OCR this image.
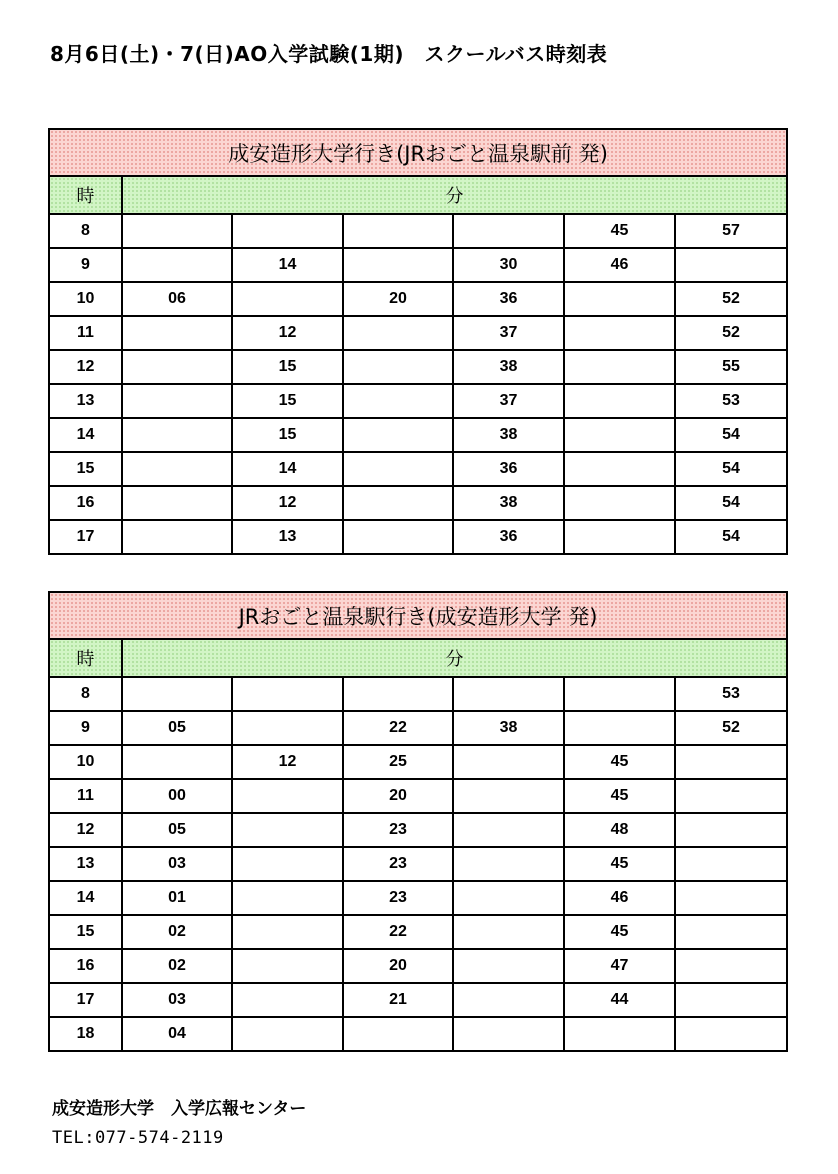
8月6日(土)・7(日)AO入学試験(1期)　スクールバス時刻表
成安造形大学行き(JRおごと温泉駅前 発)						
時	分					
8					45	57
9		14		30	46	
10	06		20	36		52
11		12		37		52
12		15		38		55
13		15		37		53
14		15		38		54
15		14		36		54
16		12		38		54
17		13		36		54
JRおごと温泉駅行き(成安造形大学 発)						
時	分					
8						53
9	05		22	38		52
10		12	25		45	
11	00		20		45	
12	05		23		48	
13	03		23		45	
14	01		23		46	
15	02		22		45	
16	02		20		47	
17	03		21		44	
18	04					
成安造形大学　入学広報センター
TEL:077-574-2119
